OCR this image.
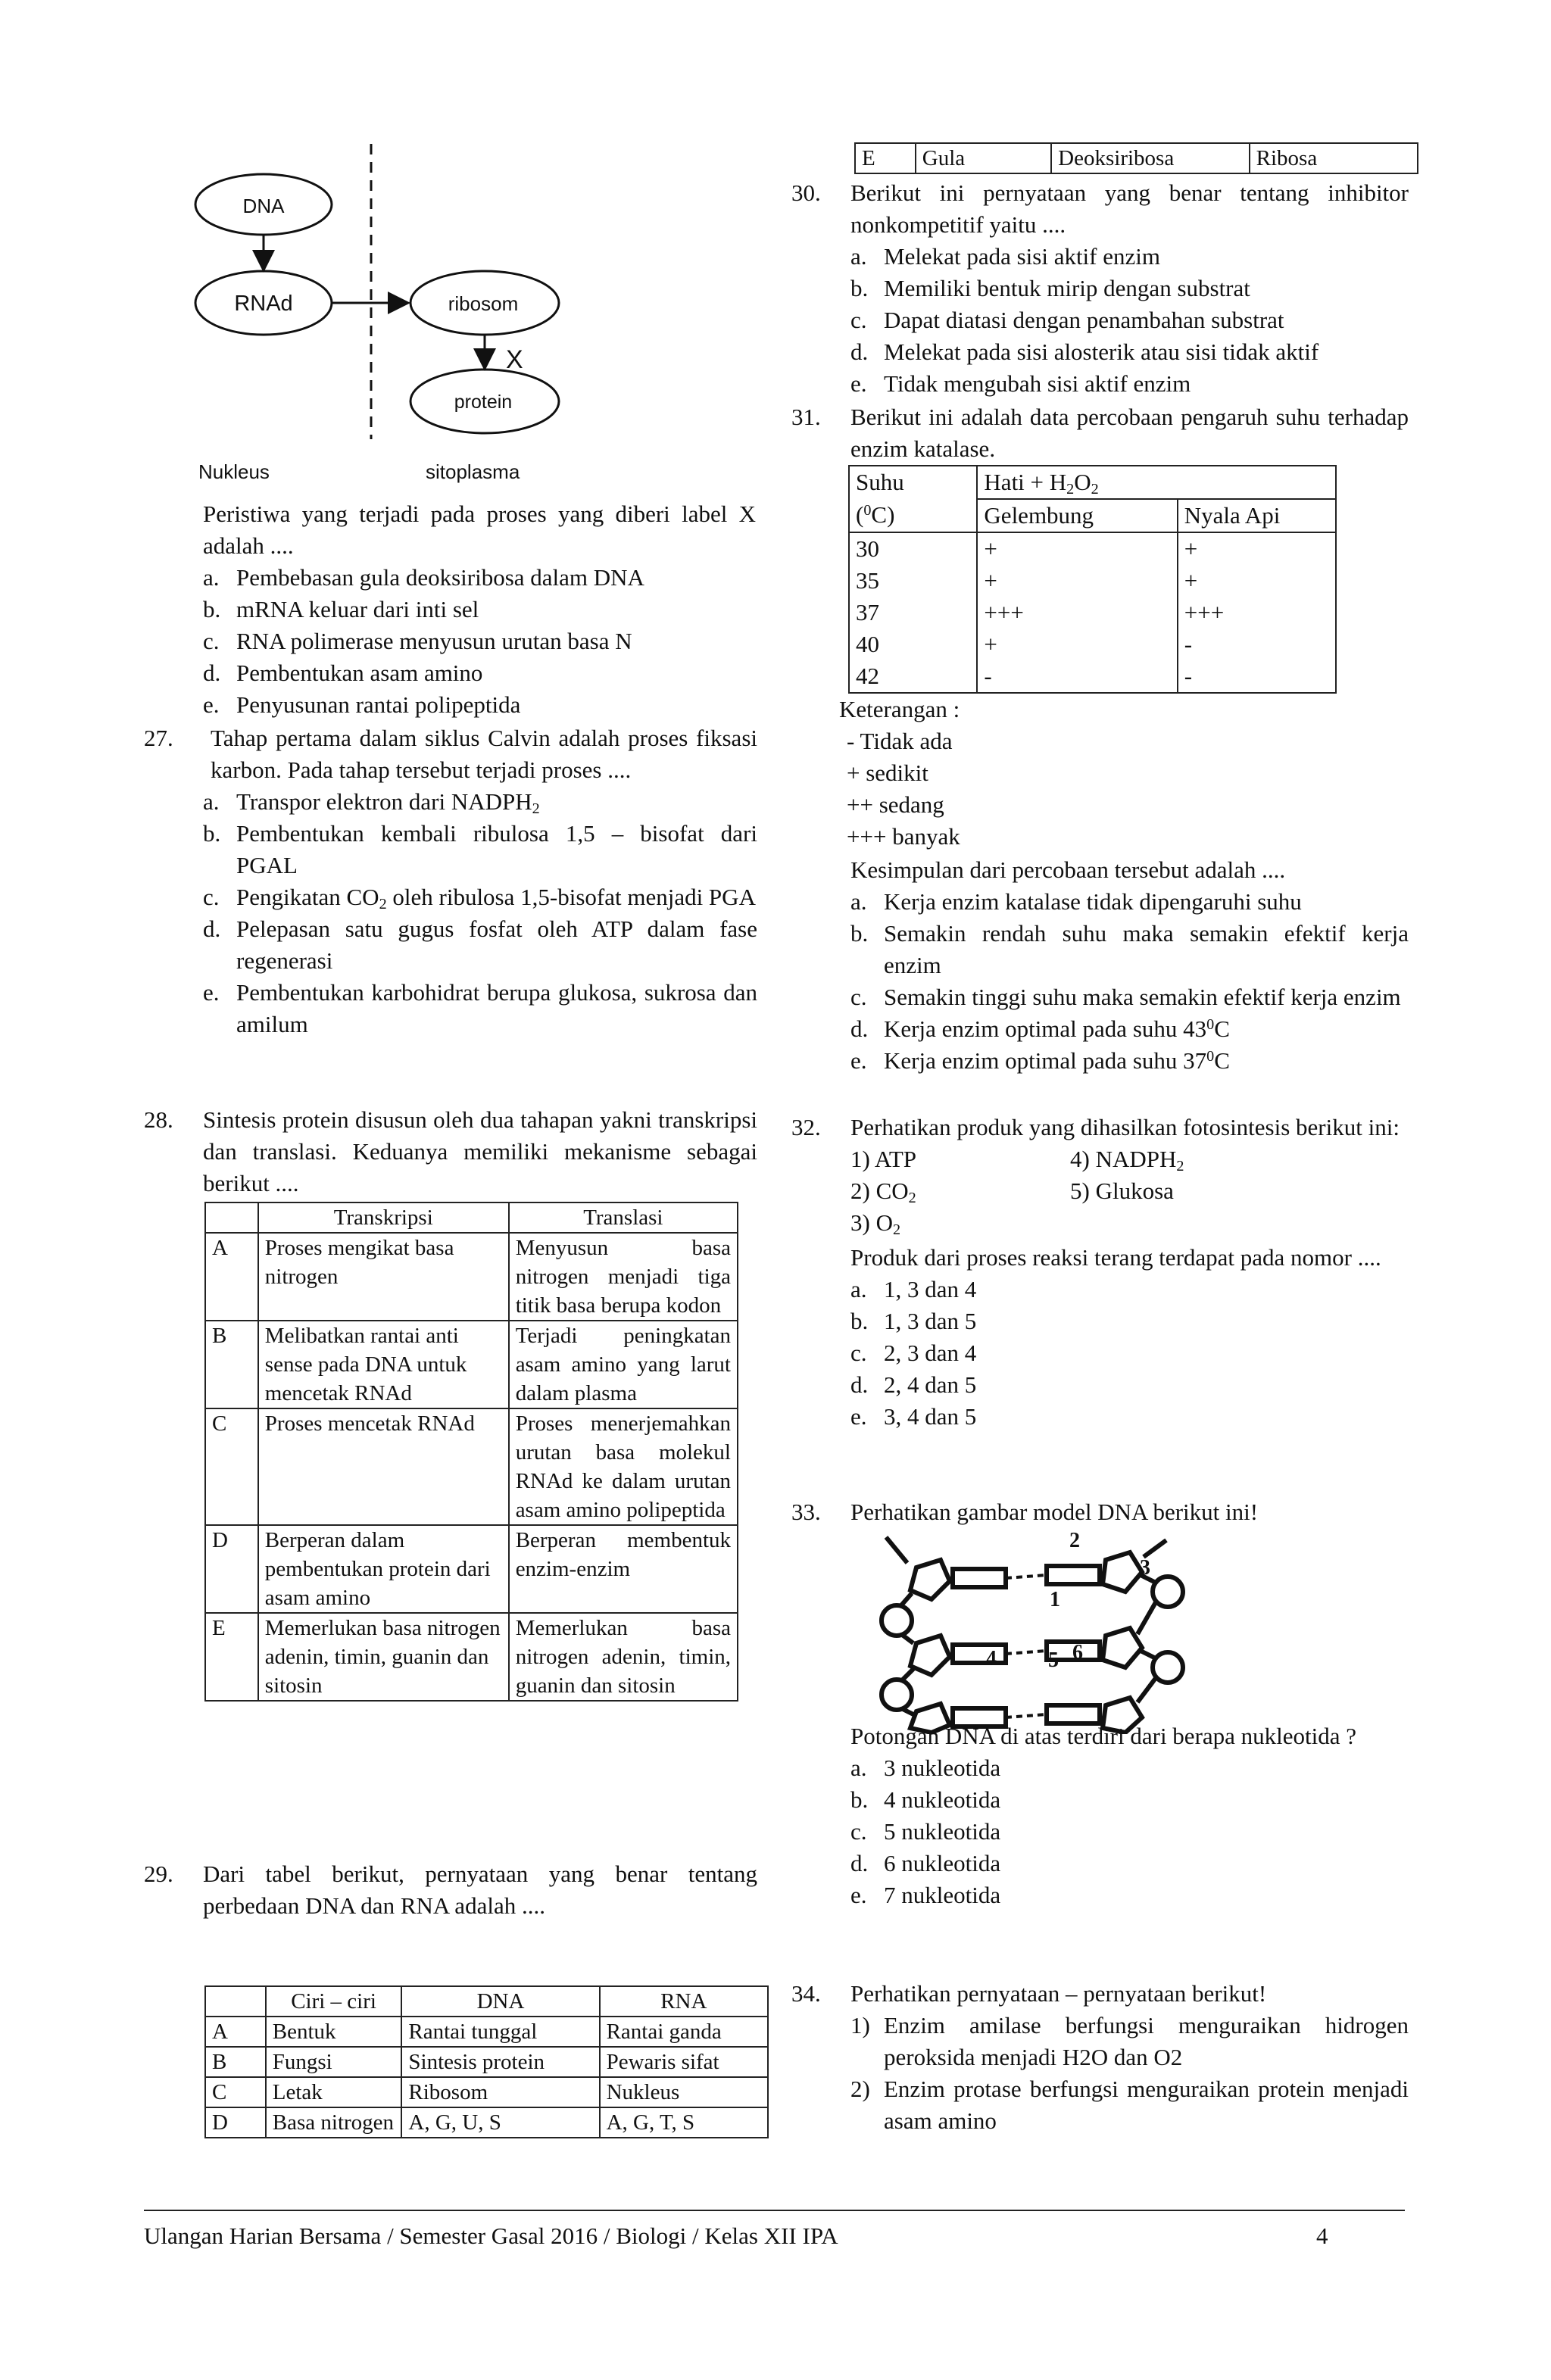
DNA
RNAd	ribosom
protein
X
Nukleus	sitoplasma
Peristiwa yang terjadi pada proses yang diberi label X adalah ....
a. Pembebasan gula deoksiribosa dalam DNA
b. mRNA keluar dari inti sel
c. RNA polimerase menyusun urutan basa N
d. Pembentukan asam amino
e. Penyusunan rantai polipeptida
27.	Tahap pertama dalam siklus Calvin adalah proses fiksasi karbon. Pada tahap tersebut terjadi proses ....
a. Transpor elektron dari $NADPH_2$
b. Pembentukan kembali ribulosa 1,5 – bisofat dari PGAL
c. Pengikatan $CO_2$ oleh ribulosa 1,5-bisofat menjadi PGA
d. Pelepasan satu gugus fosfat oleh ATP dalam fase regenerasi
e. Pembentukan karbohidrat berupa glukosa, sukrosa dan amilum
28.	Sintesis protein disusun oleh dua tahapan yakni transkripsi dan translasi. Keduanya memiliki mekanisme sebagai berikut ....
	Transkripsi	Translasi
A	Proses mengikat basa nitrogen	Menyusun basa nitrogen menjadi tiga titik basa berupa kodon
B	Melibatkan rantai anti sense pada DNA untuk mencetak RNAd	Terjadi peningkatan asam amino yang larut dalam plasma
C	Proses mencetak RNAd	Proses menerjemahkan urutan basa molekul RNAd ke dalam urutan asam amino polipeptida
D	Berperan dalam pembentukan protein dari asam amino	Berperan membentuk enzim-enzim
E	Memerlukan basa nitrogen adenin, timin, guanin dan sitosin	Memerlukan basa nitrogen adenin, timin, guanin dan sitosin
29.	Dari tabel berikut, pernyataan yang benar tentang perbedaan DNA dan RNA adalah ....
	Ciri – ciri	DNA	RNA
A	Bentuk	Rantai tunggal	Rantai ganda
B	Fungsi	Sintesis protein	Pewaris sifat
C	Letak	Ribosom	Nukleus
D	Basa nitrogen	A, G, U, S	A, G, T, S
E	Gula	Deoksiribosa	Ribosa
30.	Berikut ini pernyataan yang benar tentang inhibitor nonkompetitif yaitu ....
a. Melekat pada sisi aktif enzim
b. Memiliki bentuk mirip dengan substrat
c. Dapat diatasi dengan penambahan substrat
d. Melekat pada sisi alosterik atau sisi tidak aktif
e. Tidak mengubah sisi aktif enzim
31.	Berikut ini adalah data percobaan pengaruh suhu terhadap enzim katalase.
Suhu	Hati + $H_2O_2$
($^0$C)	Gelembung	Nyala Api
30	+	+
35	+	+
37	+++	+++
40	+	-
42	-	-
Keterangan :
- Tidak ada
+ sedikit
++ sedang
+++ banyak
Kesimpulan dari percobaan tersebut adalah ....
a. Kerja enzim katalase tidak dipengaruhi suhu
b. Semakin rendah suhu maka semakin efektif kerja enzim
c. Semakin tinggi suhu maka semakin efektif kerja enzim
d. Kerja enzim optimal pada suhu $43^0C$
e. Kerja enzim optimal pada suhu $37^0C$
32.	Perhatikan produk yang dihasilkan fotosintesis berikut ini:
1) ATP	4) $NADPH_2$
2) $CO_2$	5) Glukosa
3) $O_2$
Produk dari proses reaksi terang terdapat pada nomor ....
a. 1, 3 dan 4
b. 1, 3 dan 5
c. 2, 3 dan 4
d. 2, 4 dan 5
e. 3, 4 dan 5
33.	Perhatikan gambar model DNA berikut ini!
2
3
1
4 5 6
Potongan DNA di atas terdiri dari berapa nukleotida ?
a. 3 nukleotida
b. 4 nukleotida
c. 5 nukleotida
d. 6 nukleotida
e. 7 nukleotida
34.	Perhatikan pernyataan – pernyataan berikut!
1) Enzim amilase berfungsi menguraikan hidrogen peroksida menjadi H2O dan O2
2) Enzim protase berfungsi menguraikan protein menjadi asam amino
Ulangan Harian Bersama / Semester Gasal 2016 / Biologi / Kelas XII IPA	4
